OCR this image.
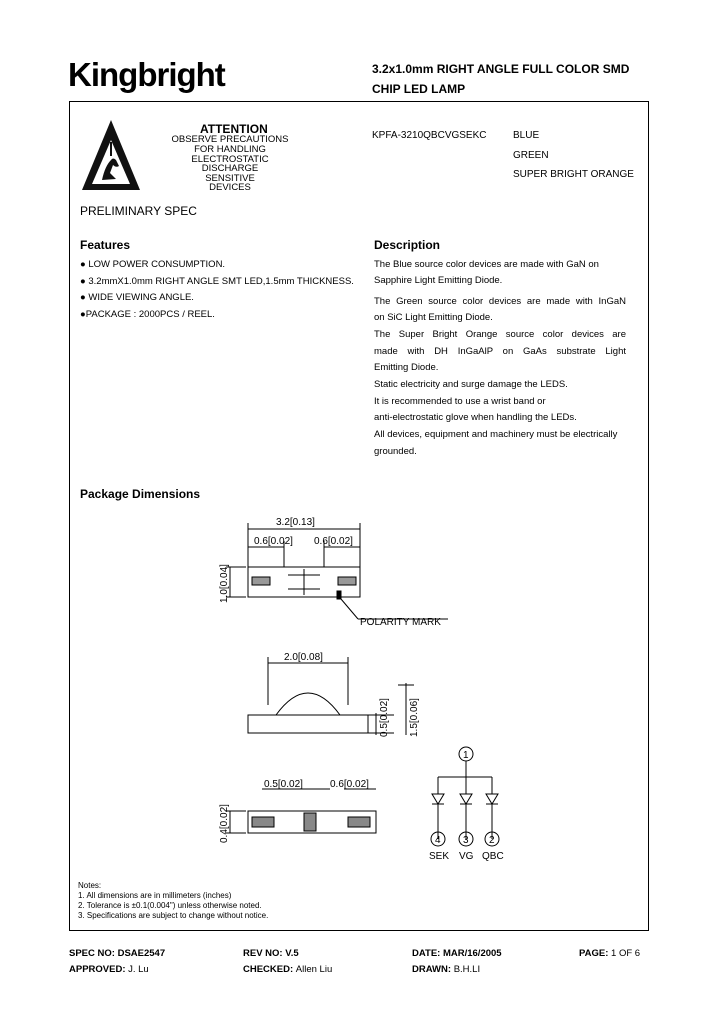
Kingbright	3.2x1.0mm RIGHT ANGLE FULL COLOR SMD
CHIP LED LAMP
ATTENTION
OBSERVE PRECAUTIONS
FOR HANDLING
ELECTROSTATIC
DISCHARGE
SENSITIVE
DEVICES
KPFA-3210QBCVGSEKC	BLUE
GREEN
SUPER BRIGHT ORANGE
PRELIMINARY SPEC
Features
● LOW POWER CONSUMPTION.
● 3.2mmX1.0mm RIGHT ANGLE SMT LED,1.5mm THICKNESS.
● WIDE VIEWING ANGLE.
●PACKAGE : 2000PCS / REEL.
Description
The Blue source color devices are made with GaN on
Sapphire Light Emitting Diode.
The Green source color devices are made with InGaN
on SiC Light Emitting Diode.
The Super Bright Orange source color devices are
made with DH InGaAlP on GaAs substrate Light
Emitting Diode.
Static electricity and surge damage the LEDS.
It is recommended to use a wrist band or
anti-electrostatic glove when handling the LEDs.
All devices, equipment and machinery must be electrically
grounded.
Package Dimensions
3.2[0.13]
0.6[0.02] 0.6[0.02]
1.0[0.04]
POLARITY MARK
2.0[0.08]
0.5[0.02] 1.5[0.06]
0.5[0.02]	0.6[0.02]
0.4[0.02]
1
4 3 2
SEK VG QBC
Notes:
1. All dimensions are in millimeters (inches)
2. Tolerance is ±0.1(0.004") unless otherwise noted.
3. Specifications are subject to change without notice.
SPEC NO: DSAE2547	REV NO: V.5	DATE: MAR/16/2005	PAGE: 1 OF 6
APPROVED: J. Lu	CHECKED: Allen Liu	DRAWN: B.H.LI
